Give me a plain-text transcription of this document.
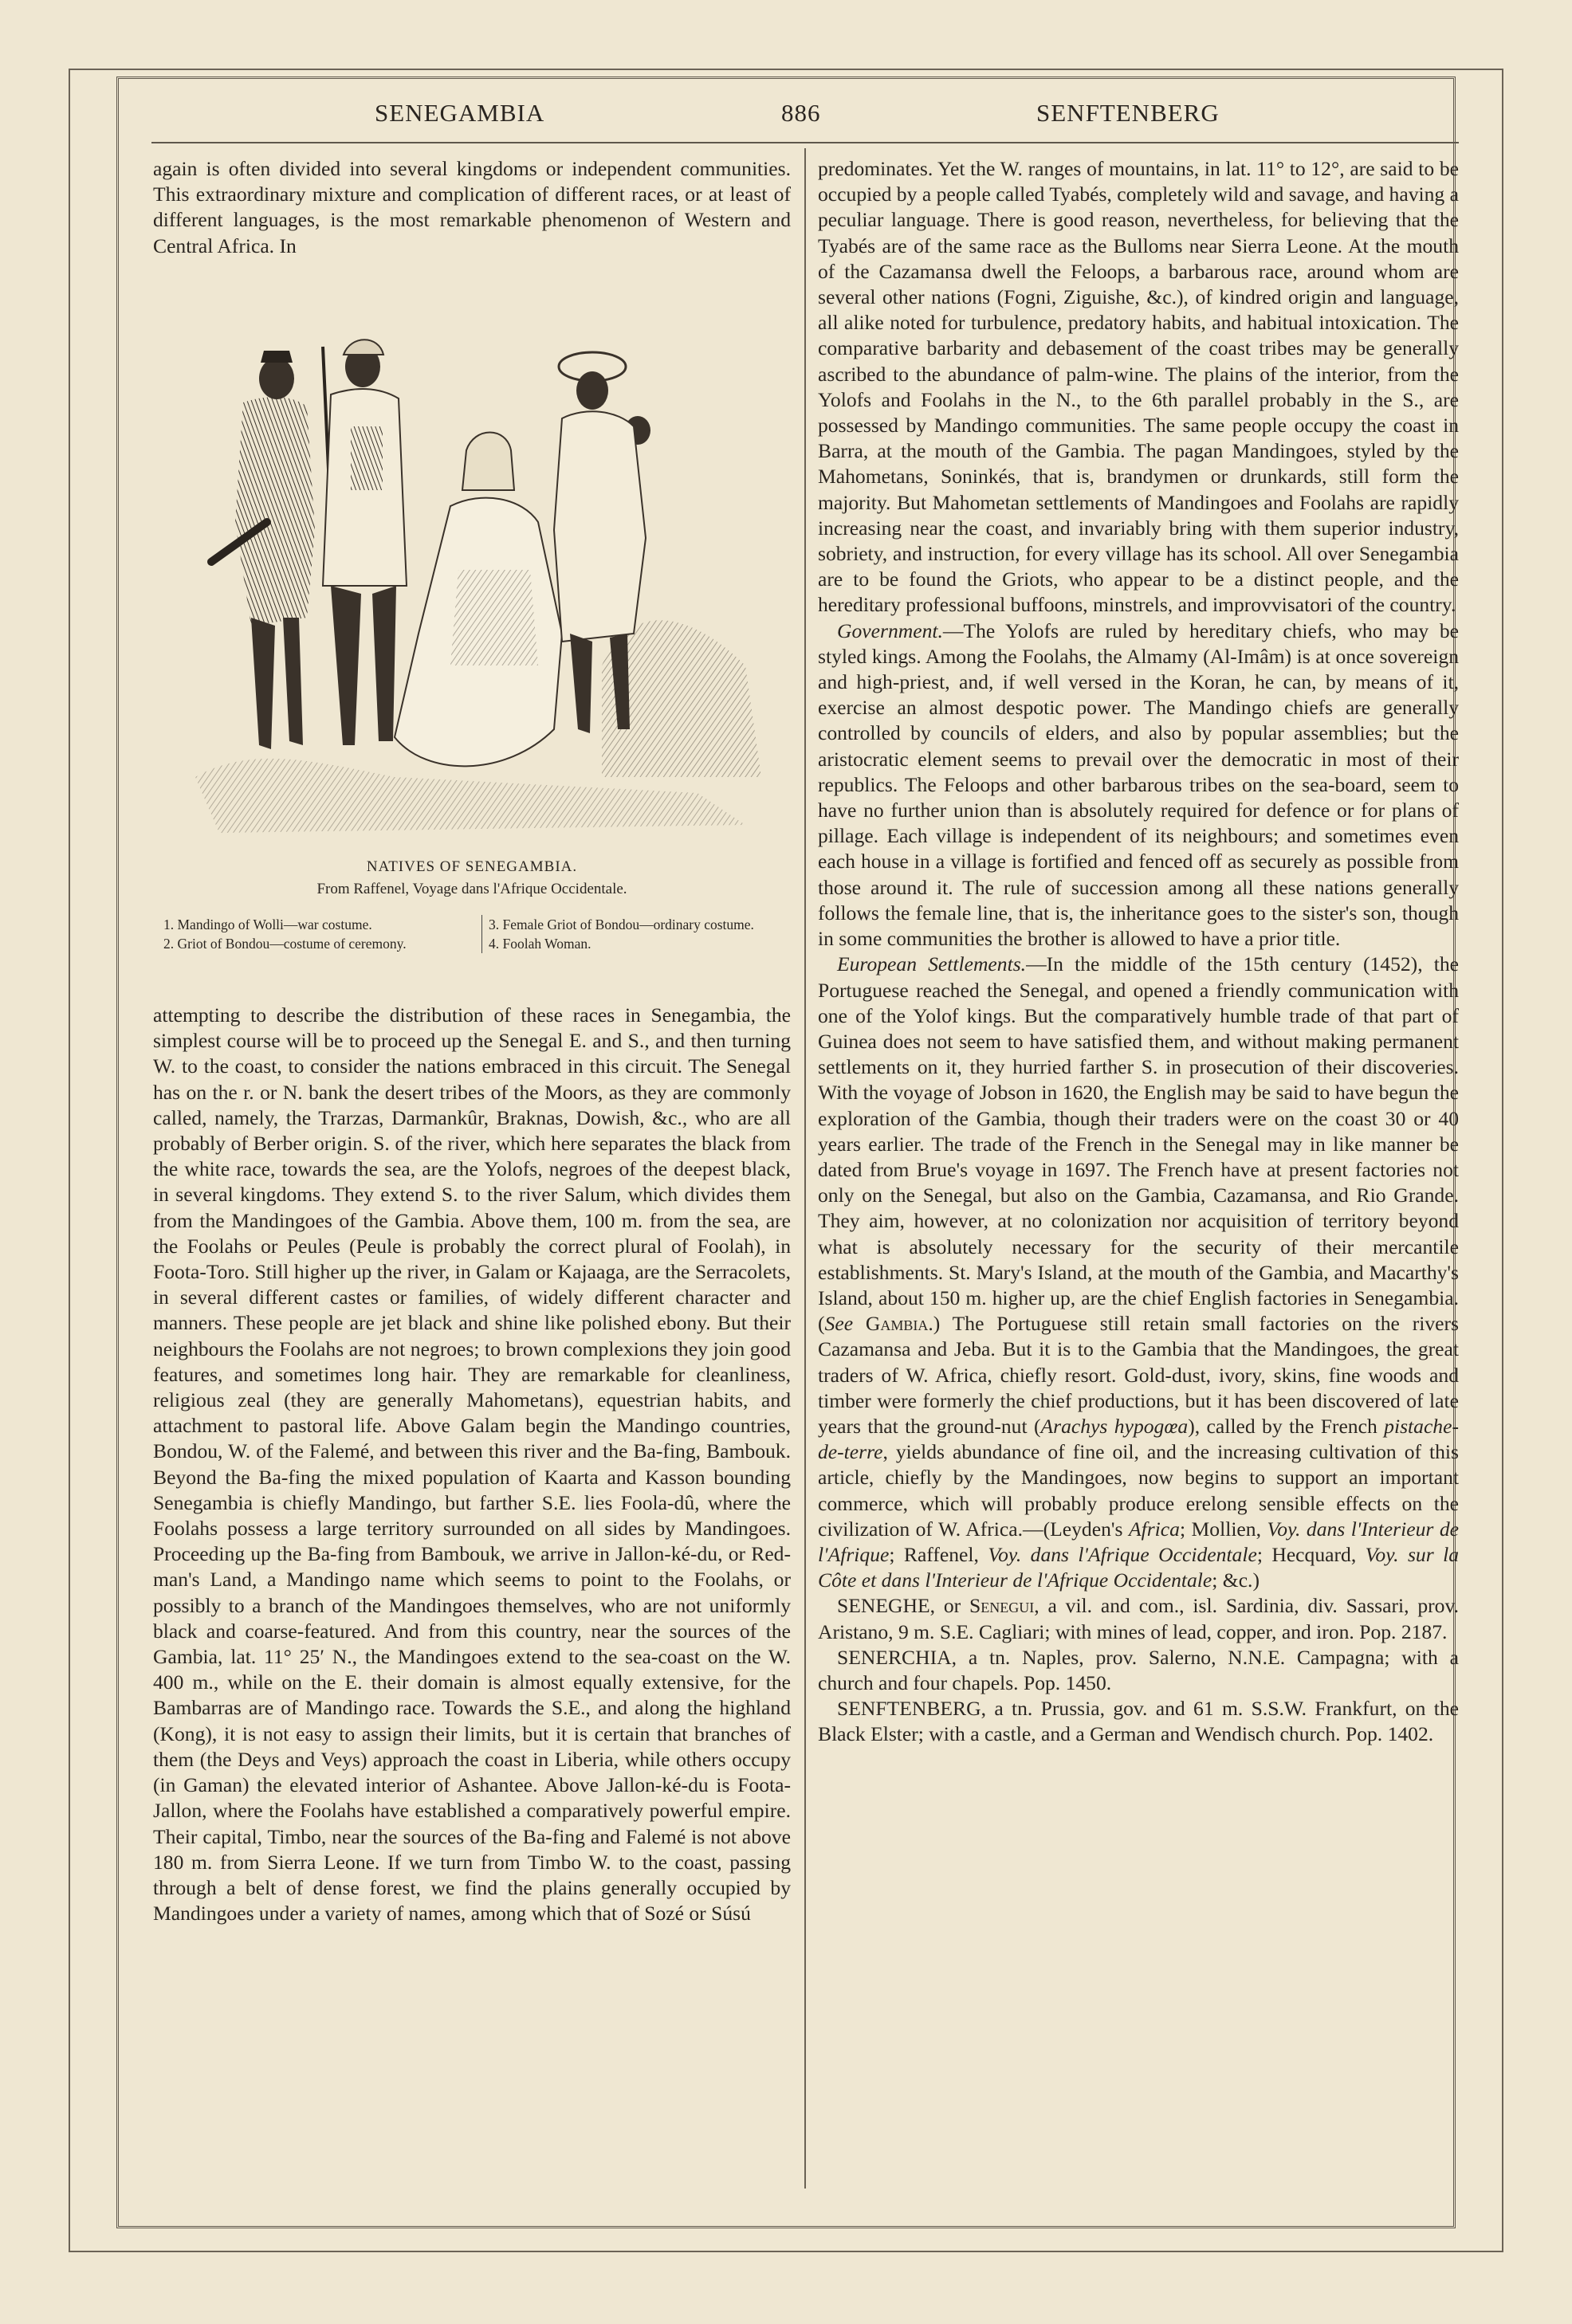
SENEGAMBIA	886	SENFTENBERG

again is often divided into several kingdoms or independent communities. This extraordinary mixture and complication of different races, or at least of different languages, is the most remarkable phenomenon of Western and Central Africa. In

NATIVES OF SENEGAMBIA.
From Raffenel, Voyage dans l'Afrique Occidentale.
1. Mandingo of Wolli—war costume.
2. Griot of Bondou—costume of ceremony.
3. Female Griot of Bondou—ordinary costume.
4. Foolah Woman.

attempting to describe the distribution of these races in Senegambia, the simplest course will be to proceed up the Senegal E. and S., and then turning W. to the coast, to consider the nations embraced in this circuit. The Senegal has on the r. or N. bank the desert tribes of the Moors, as they are commonly called, namely, the Trarzas, Darmankûr, Braknas, Dowish, &c., who are all probably of Berber origin. S. of the river, which here separates the black from the white race, towards the sea, are the Yolofs, negroes of the deepest black, in several kingdoms. They extend S. to the river Salum, which divides them from the Mandingoes of the Gambia. Above them, 100 m. from the sea, are the Foolahs or Peules (Peule is probably the correct plural of Foolah), in Foota-Toro. Still higher up the river, in Galam or Kajaaga, are the Serracolets, in several different castes or families, of widely different character and manners. These people are jet black and shine like polished ebony. But their neighbours the Foolahs are not negroes; to brown complexions they join good features, and sometimes long hair. They are remarkable for cleanliness, religious zeal (they are generally Mahometans), equestrian habits, and attachment to pastoral life. Above Galam begin the Mandingo countries, Bondou, W. of the Falemé, and between this river and the Ba-fing, Bambouk. Beyond the Ba-fing the mixed population of Kaarta and Kasson bounding Senegambia is chiefly Mandingo, but farther S.E. lies Foola-dû, where the Foolahs possess a large territory surrounded on all sides by Mandingoes. Proceeding up the Ba-fing from Bambouk, we arrive in Jallon-ké-du, or Red-man's Land, a Mandingo name which seems to point to the Foolahs, or possibly to a branch of the Mandingoes themselves, who are not uniformly black and coarse-featured. And from this country, near the sources of the Gambia, lat. 11° 25′ N., the Mandingoes extend to the sea-coast on the W. 400 m., while on the E. their domain is almost equally extensive, for the Bambarras are of Mandingo race. Towards the S.E., and along the highland (Kong), it is not easy to assign their limits, but it is certain that branches of them (the Deys and Veys) approach the coast in Liberia, while others occupy (in Gaman) the elevated interior of Ashantee. Above Jallon-ké-du is Foota-Jallon, where the Foolahs have established a comparatively powerful empire. Their capital, Timbo, near the sources of the Ba-fing and Falemé is not above 180 m. from Sierra Leone. If we turn from Timbo W. to the coast, passing through a belt of dense forest, we find the plains generally occupied by Mandingoes under a variety of names, among which that of Sozé or Súsú

predominates. Yet the W. ranges of mountains, in lat. 11° to 12°, are said to be occupied by a people called Tyabés, completely wild and savage, and having a peculiar language. There is good reason, nevertheless, for believing that the Tyabés are of the same race as the Bulloms near Sierra Leone. At the mouth of the Cazamansa dwell the Feloops, a barbarous race, around whom are several other nations (Fogni, Ziguishe, &c.), of kindred origin and language, all alike noted for turbulence, predatory habits, and habitual intoxication. The comparative barbarity and debasement of the coast tribes may be generally ascribed to the abundance of palm-wine. The plains of the interior, from the Yolofs and Foolahs in the N., to the 6th parallel probably in the S., are possessed by Mandingo communities. The same people occupy the coast in Barra, at the mouth of the Gambia. The pagan Mandingoes, styled by the Mahometans, Soninkés, that is, brandymen or drunkards, still form the majority. But Mahometan settlements of Mandingoes and Foolahs are rapidly increasing near the coast, and invariably bring with them superior industry, sobriety, and instruction, for every village has its school. All over Senegambia are to be found the Griots, who appear to be a distinct people, and the hereditary professional buffoons, minstrels, and improvvisatori of the country.

Government.—The Yolofs are ruled by hereditary chiefs, who may be styled kings. Among the Foolahs, the Almamy (Al-Imâm) is at once sovereign and high-priest, and, if well versed in the Koran, he can, by means of it, exercise an almost despotic power. The Mandingo chiefs are generally controlled by councils of elders, and also by popular assemblies; but the aristocratic element seems to prevail over the democratic in most of their republics. The Feloops and other barbarous tribes on the sea-board, seem to have no further union than is absolutely required for defence or for plans of pillage. Each village is independent of its neighbours; and sometimes even each house in a village is fortified and fenced off as securely as possible from those around it. The rule of succession among all these nations generally follows the female line, that is, the inheritance goes to the sister's son, though in some communities the brother is allowed to have a prior title.

European Settlements.—In the middle of the 15th century (1452), the Portuguese reached the Senegal, and opened a friendly communication with one of the Yolof kings. But the comparatively humble trade of that part of Guinea does not seem to have satisfied them, and without making permanent settlements on it, they hurried farther S. in prosecution of their discoveries. With the voyage of Jobson in 1620, the English may be said to have begun the exploration of the Gambia, though their traders were on the coast 30 or 40 years earlier. The trade of the French in the Senegal may in like manner be dated from Brue's voyage in 1697. The French have at present factories not only on the Senegal, but also on the Gambia, Cazamansa, and Rio Grande. They aim, however, at no colonization nor acquisition of territory beyond what is absolutely necessary for the security of their mercantile establishments. St. Mary's Island, at the mouth of the Gambia, and Macarthy's Island, about 150 m. higher up, are the chief English factories in Senegambia. (See Gambia.) The Portuguese still retain small factories on the rivers Cazamansa and Jeba. But it is to the Gambia that the Mandingoes, the great traders of W. Africa, chiefly resort. Gold-dust, ivory, skins, fine woods and timber were formerly the chief productions, but it has been discovered of late years that the ground-nut (Arachys hypogœa), called by the French pistache-de-terre, yields abundance of fine oil, and the increasing cultivation of this article, chiefly by the Mandingoes, now begins to support an important commerce, which will probably produce erelong sensible effects on the civilization of W. Africa.—(Leyden's Africa; Mollien, Voy. dans l'Interieur de l'Afrique; Raffenel, Voy. dans l'Afrique Occidentale; Hecquard, Voy. sur la Côte et dans l'Interieur de l'Afrique Occidentale; &c.)

SENEGHE, or Senegui, a vil. and com., isl. Sardinia, div. Sassari, prov. Aristano, 9 m. S.E. Cagliari; with mines of lead, copper, and iron. Pop. 2187.

SENERCHIA, a tn. Naples, prov. Salerno, N.N.E. Campagna; with a church and four chapels. Pop. 1450.

SENFTENBERG, a tn. Prussia, gov. and 61 m. S.S.W. Frankfurt, on the Black Elster; with a castle, and a German and Wendisch church. Pop. 1402.
